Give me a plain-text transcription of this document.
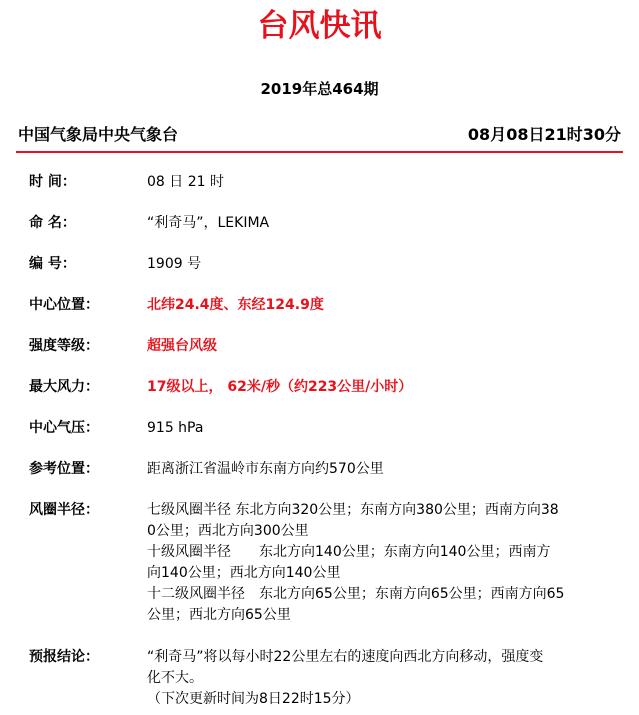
台风快讯
2019年总464期
中国气象局中央气象台	08月08日21时30分
时 间：	08 日 21 时
命 名：	“利奇马”，LEKIMA
编 号：	1909 号
中心位置：	北纬24.4度、东经124.9度
强度等级：	超强台风级
最大风力：	17级以上， 62米/秒（约223公里/小时）
中心气压：	915 hPa
参考位置：	距离浙江省温岭市东南方向约570公里
风圈半径：	七级风圈半径 东北方向320公里；东南方向380公里；西南方向38

0公里；西北方向300公里

十级风圈半径　　东北方向140公里；东南方向140公里；西南方

向140公里；西北方向140公里

十二级风圈半径　东北方向65公里；东南方向65公里；西南方向65

公里；西北方向65公里

预报结论：	“利奇马”将以每小时22公里左右的速度向西北方向移动，强度变

化不大。

（下次更新时间为8日22时15分）
